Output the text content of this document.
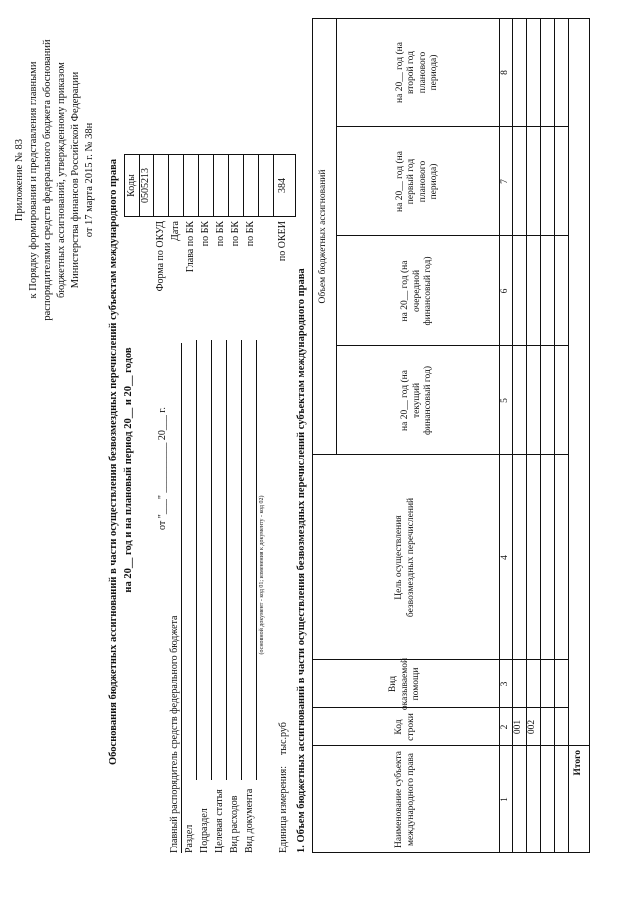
Приложение № 83 к Порядку формирования и представления главными распорядителями средств федерального бюджета обоснований бюджетных ассигнований, утвержденному приказом Министерства финансов Российской Федерации от 17 марта 2015 г. № 38н Обоснования бюджетных ассигнований в части осуществления безвозмездных перечислений субъектам международного права на 20__ год и на плановый период 20__ и 20__ годов от "___" __________ 20___ г.
Форма по ОКУД Дата Глава по БК по БК по БК по БК по БК по ОКЕИ
Коды 0505213	384
Главный распорядитель средств федерального бюджета Раздел Подраздел Целевая статья Вид расходов Вид документа
(основной документ - код 01; изменения к документу - код 02)
Единица измерения:
тыс.руб 1. Объем бюджетных ассигнований в части осуществления безвозмездных перечислений субъектам международного права	Наименование субъекта международного права
Код строки
Вид оказываемой помощи
Цель осуществления безвозмездных перечислений
Объем бюджетных ассигнований
на 20__ год (на текущий финансовый год)
на 20__ год (на очередной финансовый год)
на 20__ год (на первый год планового периода)
на 20__ год (на второй год планового периода)
1
2
3
4
5
6
7
8
001 002
Итого
